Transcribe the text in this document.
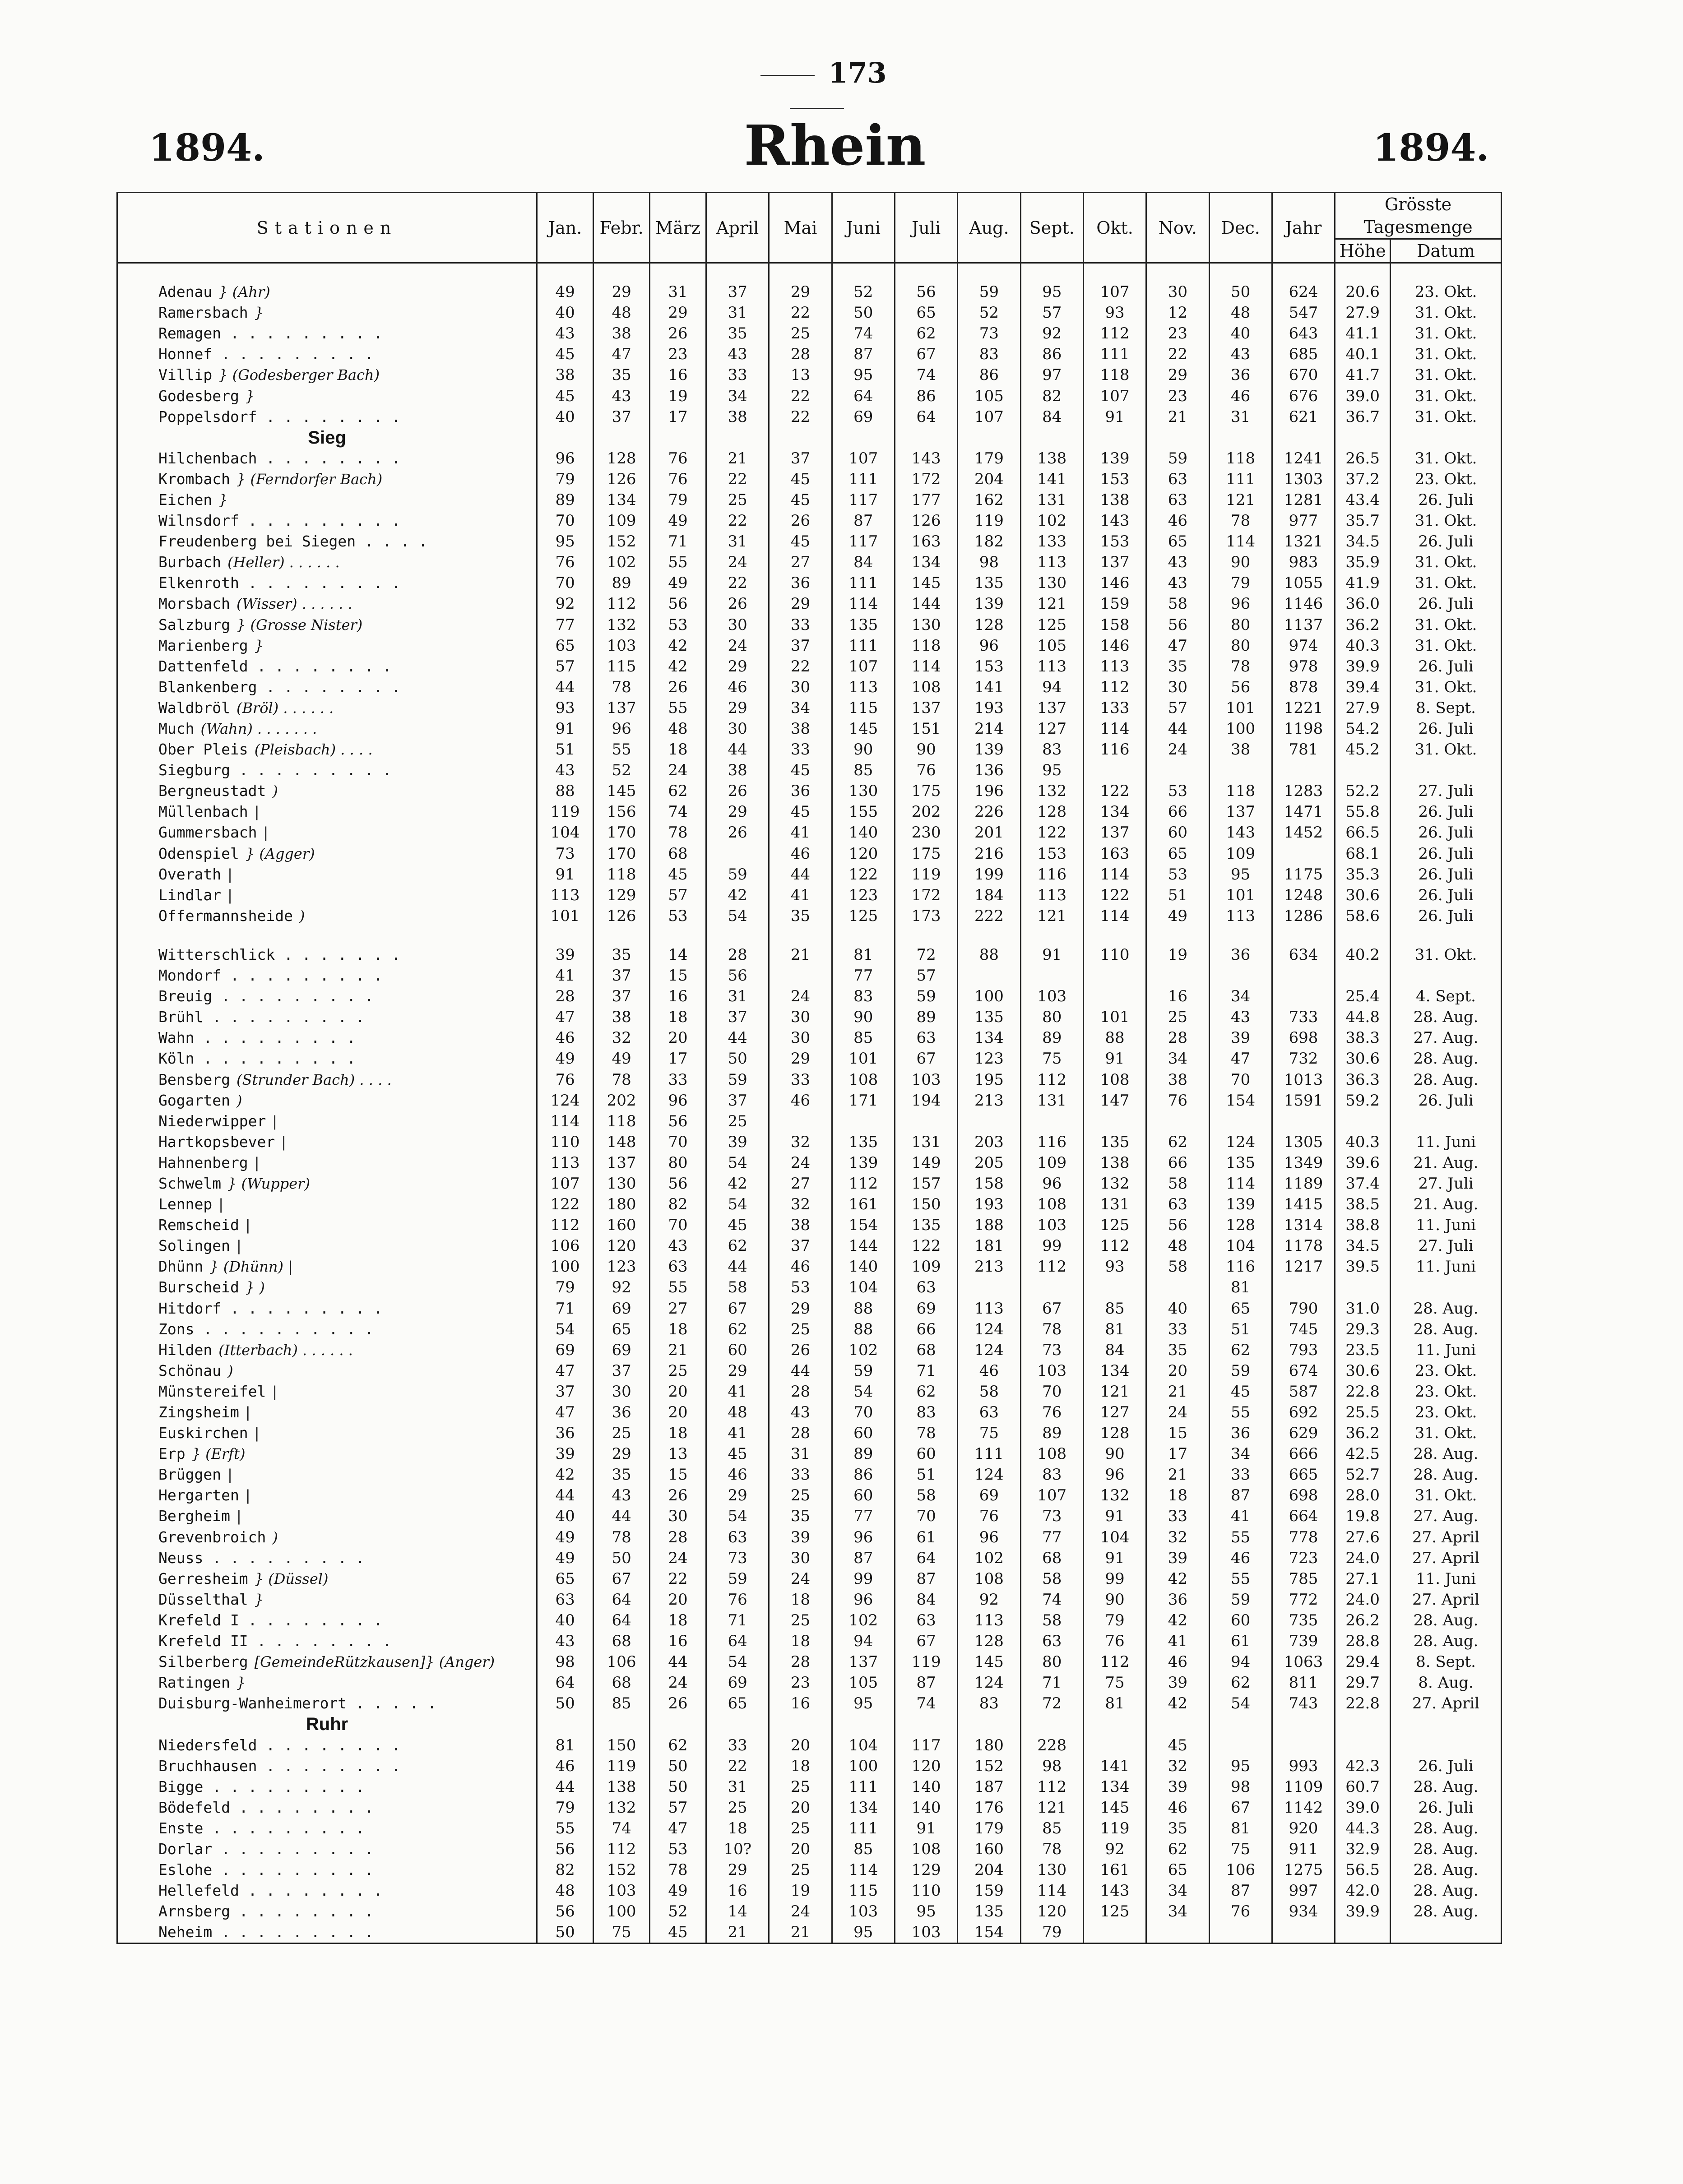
173
1894.	Rhein	1894.
Stationen	Jan.	Febr.	März	April	Mai	Juni	Juli	Aug.	Sept.	Okt.	Nov.	Dec.	Jahr	Grösste Tagesmenge	
														Höhe	Datum

Adenau } (Ahr)	49	29	31	37	29	52	56	59	95	107	30	50	624	20.6	23. Okt.
Ramersbach }	40	48	29	31	22	50	65	52	57	93	12	48	547	27.9	31. Okt.
Remagen . . . . . . . . .	43	38	26	35	25	74	62	73	92	112	23	40	643	41.1	31. Okt.
Honnef . . . . . . . . .	45	47	23	43	28	87	67	83	86	111	22	43	685	40.1	31. Okt.
Villip } (Godesberger Bach)	38	35	16	33	13	95	74	86	97	118	29	36	670	41.7	31. Okt.
Godesberg }	45	43	19	34	22	64	86	105	82	107	23	46	676	39.0	31. Okt.
Poppelsdorf . . . . . . . .	40	37	17	38	22	69	64	107	84	91	21	31	621	36.7	31. Okt.
Sieg															
Hilchenbach . . . . . . . .	96	128	76	21	37	107	143	179	138	139	59	118	1241	26.5	31. Okt.
Krombach } (Ferndorfer Bach)	79	126	76	22	45	111	172	204	141	153	63	111	1303	37.2	23. Okt.
Eichen }	89	134	79	25	45	117	177	162	131	138	63	121	1281	43.4	26. Juli
Wilnsdorf . . . . . . . . .	70	109	49	22	26	87	126	119	102	143	46	78	977	35.7	31. Okt.
Freudenberg bei Siegen . . . .	95	152	71	31	45	117	163	182	133	153	65	114	1321	34.5	26. Juli
Burbach (Heller) . . . . . .	76	102	55	24	27	84	134	98	113	137	43	90	983	35.9	31. Okt.
Elkenroth . . . . . . . . .	70	89	49	22	36	111	145	135	130	146	43	79	1055	41.9	31. Okt.
Morsbach (Wisser) . . . . . .	92	112	56	26	29	114	144	139	121	159	58	96	1146	36.0	26. Juli
Salzburg } (Grosse Nister)	77	132	53	30	33	135	130	128	125	158	56	80	1137	36.2	31. Okt.
Marienberg }	65	103	42	24	37	111	118	96	105	146	47	80	974	40.3	31. Okt.
Dattenfeld . . . . . . . .	57	115	42	29	22	107	114	153	113	113	35	78	978	39.9	26. Juli
Blankenberg . . . . . . . .	44	78	26	46	30	113	108	141	94	112	30	56	878	39.4	31. Okt.
Waldbröl (Bröl) . . . . . .	93	137	55	29	34	115	137	193	137	133	57	101	1221	27.9	8. Sept.
Much (Wahn) . . . . . . .	91	96	48	30	38	145	151	214	127	114	44	100	1198	54.2	26. Juli
Ober Pleis (Pleisbach) . . . .	51	55	18	44	33	90	90	139	83	116	24	38	781	45.2	31. Okt.
Siegburg . . . . . . . . .	43	52	24	38	45	85	76	136	95						
Bergneustadt )	88	145	62	26	36	130	175	196	132	122	53	118	1283	52.2	27. Juli
Müllenbach |	119	156	74	29	45	155	202	226	128	134	66	137	1471	55.8	26. Juli
Gummersbach |	104	170	78	26	41	140	230	201	122	137	60	143	1452	66.5	26. Juli
Odenspiel } (Agger)	73	170	68		46	120	175	216	153	163	65	109		68.1	26. Juli
Overath |	91	118	45	59	44	122	119	199	116	114	53	95	1175	35.3	26. Juli
Lindlar |	113	129	57	42	41	123	172	184	113	122	51	101	1248	30.6	26. Juli
Offermannsheide )	101	126	53	54	35	125	173	222	121	114	49	113	1286	58.6	26. Juli

Witterschlick . . . . . . .	39	35	14	28	21	81	72	88	91	110	19	36	634	40.2	31. Okt.
Mondorf . . . . . . . . .	41	37	15	56		77	57								
Breuig . . . . . . . . .	28	37	16	31	24	83	59	100	103		16	34		25.4	4. Sept.
Brühl . . . . . . . . .	47	38	18	37	30	90	89	135	80	101	25	43	733	44.8	28. Aug.
Wahn . . . . . . . . .	46	32	20	44	30	85	63	134	89	88	28	39	698	38.3	27. Aug.
Köln . . . . . . . . .	49	49	17	50	29	101	67	123	75	91	34	47	732	30.6	28. Aug.
Bensberg (Strunder Bach) . . . .	76	78	33	59	33	108	103	195	112	108	38	70	1013	36.3	28. Aug.
Gogarten )	124	202	96	37	46	171	194	213	131	147	76	154	1591	59.2	26. Juli
Niederwipper |	114	118	56	25											
Hartkopsbever |	110	148	70	39	32	135	131	203	116	135	62	124	1305	40.3	11. Juni
Hahnenberg |	113	137	80	54	24	139	149	205	109	138	66	135	1349	39.6	21. Aug.
Schwelm } (Wupper)	107	130	56	42	27	112	157	158	96	132	58	114	1189	37.4	27. Juli
Lennep |	122	180	82	54	32	161	150	193	108	131	63	139	1415	38.5	21. Aug.
Remscheid |	112	160	70	45	38	154	135	188	103	125	56	128	1314	38.8	11. Juni
Solingen |	106	120	43	62	37	144	122	181	99	112	48	104	1178	34.5	27. Juli
Dhünn } (Dhünn) |	100	123	63	44	46	140	109	213	112	93	58	116	1217	39.5	11. Juni
Burscheid } )	79	92	55	58	53	104	63					81			
Hitdorf . . . . . . . . .	71	69	27	67	29	88	69	113	67	85	40	65	790	31.0	28. Aug.
Zons . . . . . . . . . .	54	65	18	62	25	88	66	124	78	81	33	51	745	29.3	28. Aug.
Hilden (Itterbach) . . . . . .	69	69	21	60	26	102	68	124	73	84	35	62	793	23.5	11. Juni
Schönau )	47	37	25	29	44	59	71	46	103	134	20	59	674	30.6	23. Okt.
Münstereifel |	37	30	20	41	28	54	62	58	70	121	21	45	587	22.8	23. Okt.
Zingsheim |	47	36	20	48	43	70	83	63	76	127	24	55	692	25.5	23. Okt.
Euskirchen |	36	25	18	41	28	60	78	75	89	128	15	36	629	36.2	31. Okt.
Erp } (Erft)	39	29	13	45	31	89	60	111	108	90	17	34	666	42.5	28. Aug.
Brüggen |	42	35	15	46	33	86	51	124	83	96	21	33	665	52.7	28. Aug.
Hergarten |	44	43	26	29	25	60	58	69	107	132	18	87	698	28.0	31. Okt.
Bergheim |	40	44	30	54	35	77	70	76	73	91	33	41	664	19.8	27. Aug.
Grevenbroich )	49	78	28	63	39	96	61	96	77	104	32	55	778	27.6	27. April
Neuss . . . . . . . . .	49	50	24	73	30	87	64	102	68	91	39	46	723	24.0	27. April
Gerresheim } (Düssel)	65	67	22	59	24	99	87	108	58	99	42	55	785	27.1	11. Juni
Düsselthal }	63	64	20	76	18	96	84	92	74	90	36	59	772	24.0	27. April
Krefeld I . . . . . . . .	40	64	18	71	25	102	63	113	58	79	42	60	735	26.2	28. Aug.
Krefeld II . . . . . . . .	43	68	16	64	18	94	67	128	63	76	41	61	739	28.8	28. Aug.
Silberberg [GemeindeRützkausen]} (Anger)	98	106	44	54	28	137	119	145	80	112	46	94	1063	29.4	8. Sept.
Ratingen }	64	68	24	69	23	105	87	124	71	75	39	62	811	29.7	8. Aug.
Duisburg-Wanheimerort . . . . .	50	85	26	65	16	95	74	83	72	81	42	54	743	22.8	27. April
Ruhr															
Niedersfeld . . . . . . . .	81	150	62	33	20	104	117	180	228		45				
Bruchhausen . . . . . . . .	46	119	50	22	18	100	120	152	98	141	32	95	993	42.3	26. Juli
Bigge . . . . . . . . .	44	138	50	31	25	111	140	187	112	134	39	98	1109	60.7	28. Aug.
Bödefeld . . . . . . . .	79	132	57	25	20	134	140	176	121	145	46	67	1142	39.0	26. Juli
Enste . . . . . . . . .	55	74	47	18	25	111	91	179	85	119	35	81	920	44.3	28. Aug.
Dorlar . . . . . . . . .	56	112	53	10?	20	85	108	160	78	92	62	75	911	32.9	28. Aug.
Eslohe . . . . . . . . .	82	152	78	29	25	114	129	204	130	161	65	106	1275	56.5	28. Aug.
Hellefeld . . . . . . . .	48	103	49	16	19	115	110	159	114	143	34	87	997	42.0	28. Aug.
Arnsberg . . . . . . . .	56	100	52	14	24	103	95	135	120	125	34	76	934	39.9	28. Aug.
Neheim . . . . . . . . .	50	75	45	21	21	95	103	154	79						
